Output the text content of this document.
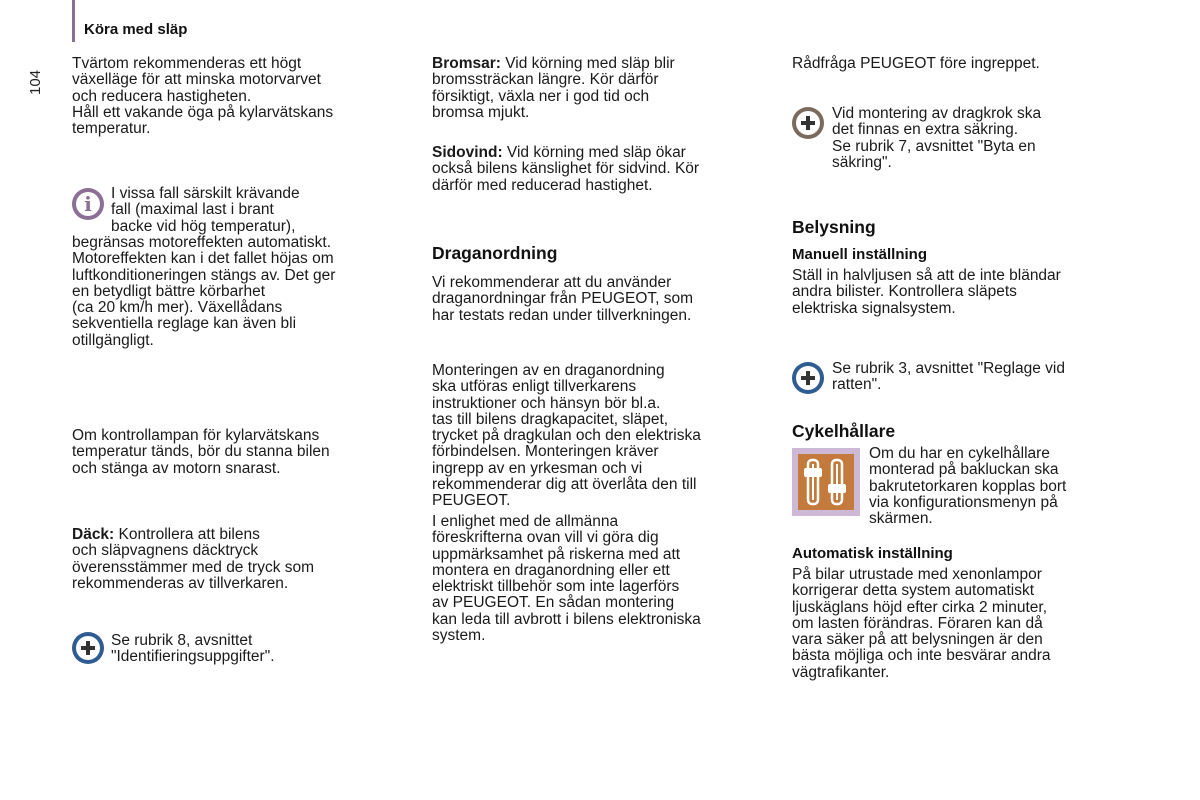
Köra med släp
104
Tvärtom rekommenderas ett högt
växelläge för att minska motorvarvet
och reducera hastigheten.
Håll ett vakande öga på kylarvätskans
temperatur.
i	I vissa fall särskilt krävande
fall (maximal last i brant
backe vid hög temperatur),
begränsas motoreffekten automatiskt.
Motoreffekten kan i det fallet höjas om
luftkonditioneringen stängs av. Det ger
en betydligt bättre körbarhet
(ca 20 km/h mer). Växellådans
sekventiella reglage kan även bli
otillgängligt.
Om kontrollampan för kylarvätskans
temperatur tänds, bör du stanna bilen
och stänga av motorn snarast.
Däck: Kontrollera att bilens
och släpvagnens däcktryck
överensstämmer med de tryck som
rekommenderas av tillverkaren.
Se rubrik 8, avsnittet
"Identifieringsuppgifter".
Bromsar: Vid körning med släp blir
bromssträckan längre. Kör därför
försiktigt, växla ner i god tid och
bromsa mjukt.
Sidovind: Vid körning med släp ökar
också bilens känslighet för sidvind. Kör
därför med reducerad hastighet.
Draganordning
Vi rekommenderar att du använder
draganordningar från PEUGEOT, som
har testats redan under tillverkningen.
Monteringen av en draganordning
ska utföras enligt tillverkarens
instruktioner och hänsyn bör bl.a.
tas till bilens dragkapacitet, släpet,
trycket på dragkulan och den elektriska
förbindelsen. Monteringen kräver
ingrepp av en yrkesman och vi
rekommenderar dig att överlåta den till
PEUGEOT.
I enlighet med de allmänna
föreskrifterna ovan vill vi göra dig
uppmärksamhet på riskerna med att
montera en draganordning eller ett
elektriskt tillbehör som inte lagerförs
av PEUGEOT. En sådan montering
kan leda till avbrott i bilens elektroniska
system.
Rådfråga PEUGEOT före ingreppet.
Vid montering av dragkrok ska
det finnas en extra säkring.
Se rubrik 7, avsnittet "Byta en
säkring".
Belysning
Manuell inställning
Ställ in halvljusen så att de inte bländar
andra bilister. Kontrollera släpets
elektriska signalsystem.
Se rubrik 3, avsnittet "Reglage vid
ratten".
Cykelhållare
Om du har en cykelhållare
monterad på bakluckan ska
bakrutetorkaren kopplas bort
via konfigurationsmenyn på
skärmen.
Automatisk inställning
På bilar utrustade med xenonlampor
korrigerar detta system automatiskt
ljuskäglans höjd efter cirka 2 minuter,
om lasten förändras. Föraren kan då
vara säker på att belysningen är den
bästa möjliga och inte besvärar andra
vägtrafikanter.
